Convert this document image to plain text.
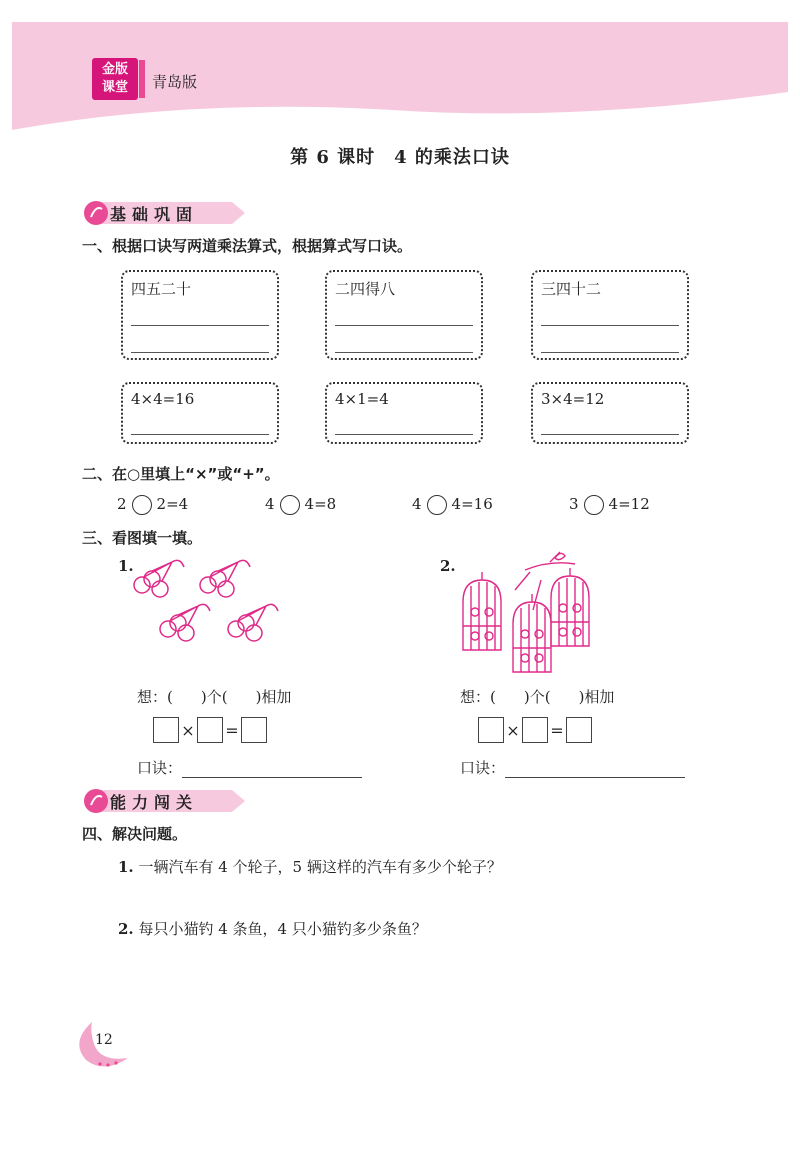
金版
课堂	青岛版
第 6 课时　4 的乘法口诀
基础巩固
一、根据口诀写两道乘法算式，根据算式写口诀。
四五二十	二四得八	三四十二
4×4=16	4×1=4	3×4=12
二、在○里填上“×”或“+”。
2 2=4	4 4=8	4 4=16	3 4=12
三、看图填一填。
1.	2.
想：( )个( )相加	想：( )个( )相加
× =	× =
口诀：	口诀：
能力闯关
四、解决问题。
1. 一辆汽车有 4 个轮子，5 辆这样的汽车有多少个轮子？
2. 每只小猫钓 4 条鱼，4 只小猫钓多少条鱼？
12
